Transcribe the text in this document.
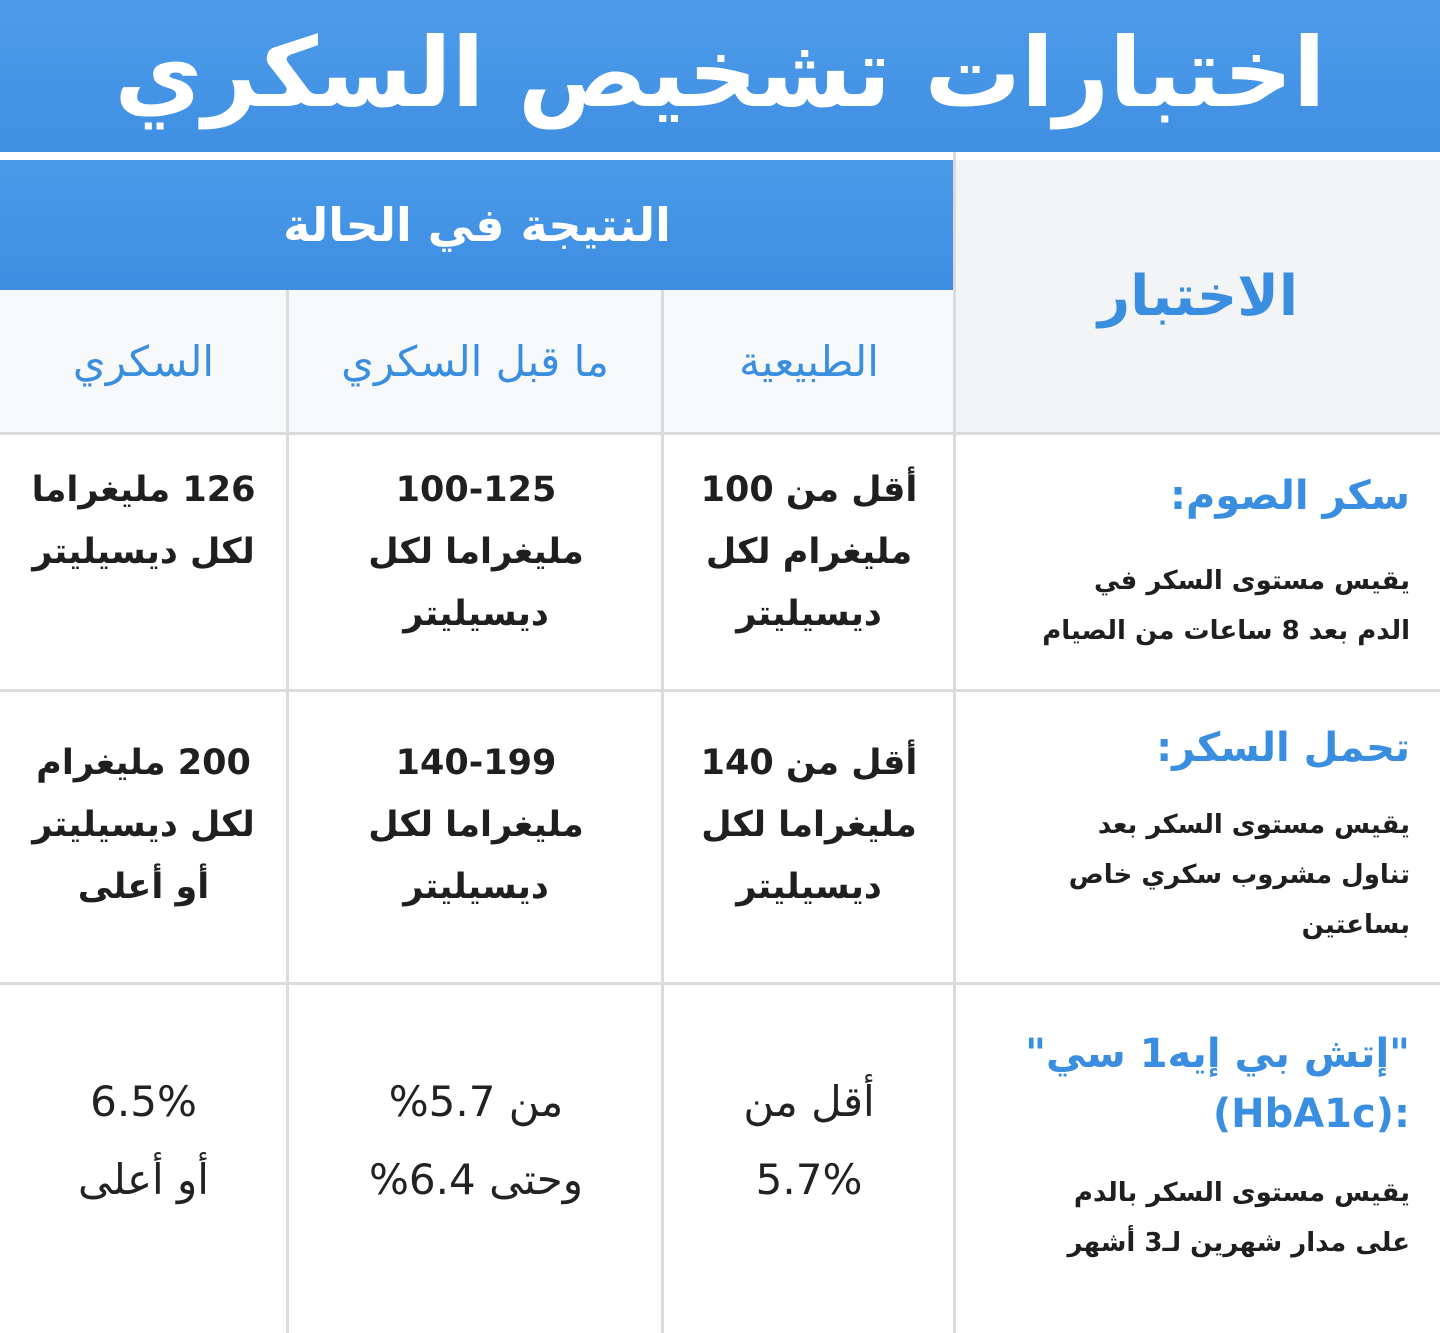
اختبارات تشخيص السكري
النتيجة في الحالة
الاختبار
الطبيعية
ما قبل السكري
السكري
سكر الصوم:
يقيس مستوى السكر في
الدم بعد 8 ساعات من الصيام
أقل من 100
مليغرام لكل
ديسيليتر
100-125
مليغراما لكل
ديسيليتر
126 مليغراما
لكل ديسيليتر
تحمل السكر:
يقيس مستوى السكر بعد
تناول مشروب سكري خاص
بساعتين
أقل من 140
مليغراما لكل
ديسيليتر
140-199
مليغراما لكل
ديسيليتر
200 مليغرام
لكل ديسيليتر
أو أعلى
"إتش بي إيه1 سي"
(HbA1c):
يقيس مستوى السكر بالدم
على مدار شهرين لـ3 أشهر
أقل من
5.7%
من 5.7%
وحتى 6.4%
6.5%
أو أعلى
